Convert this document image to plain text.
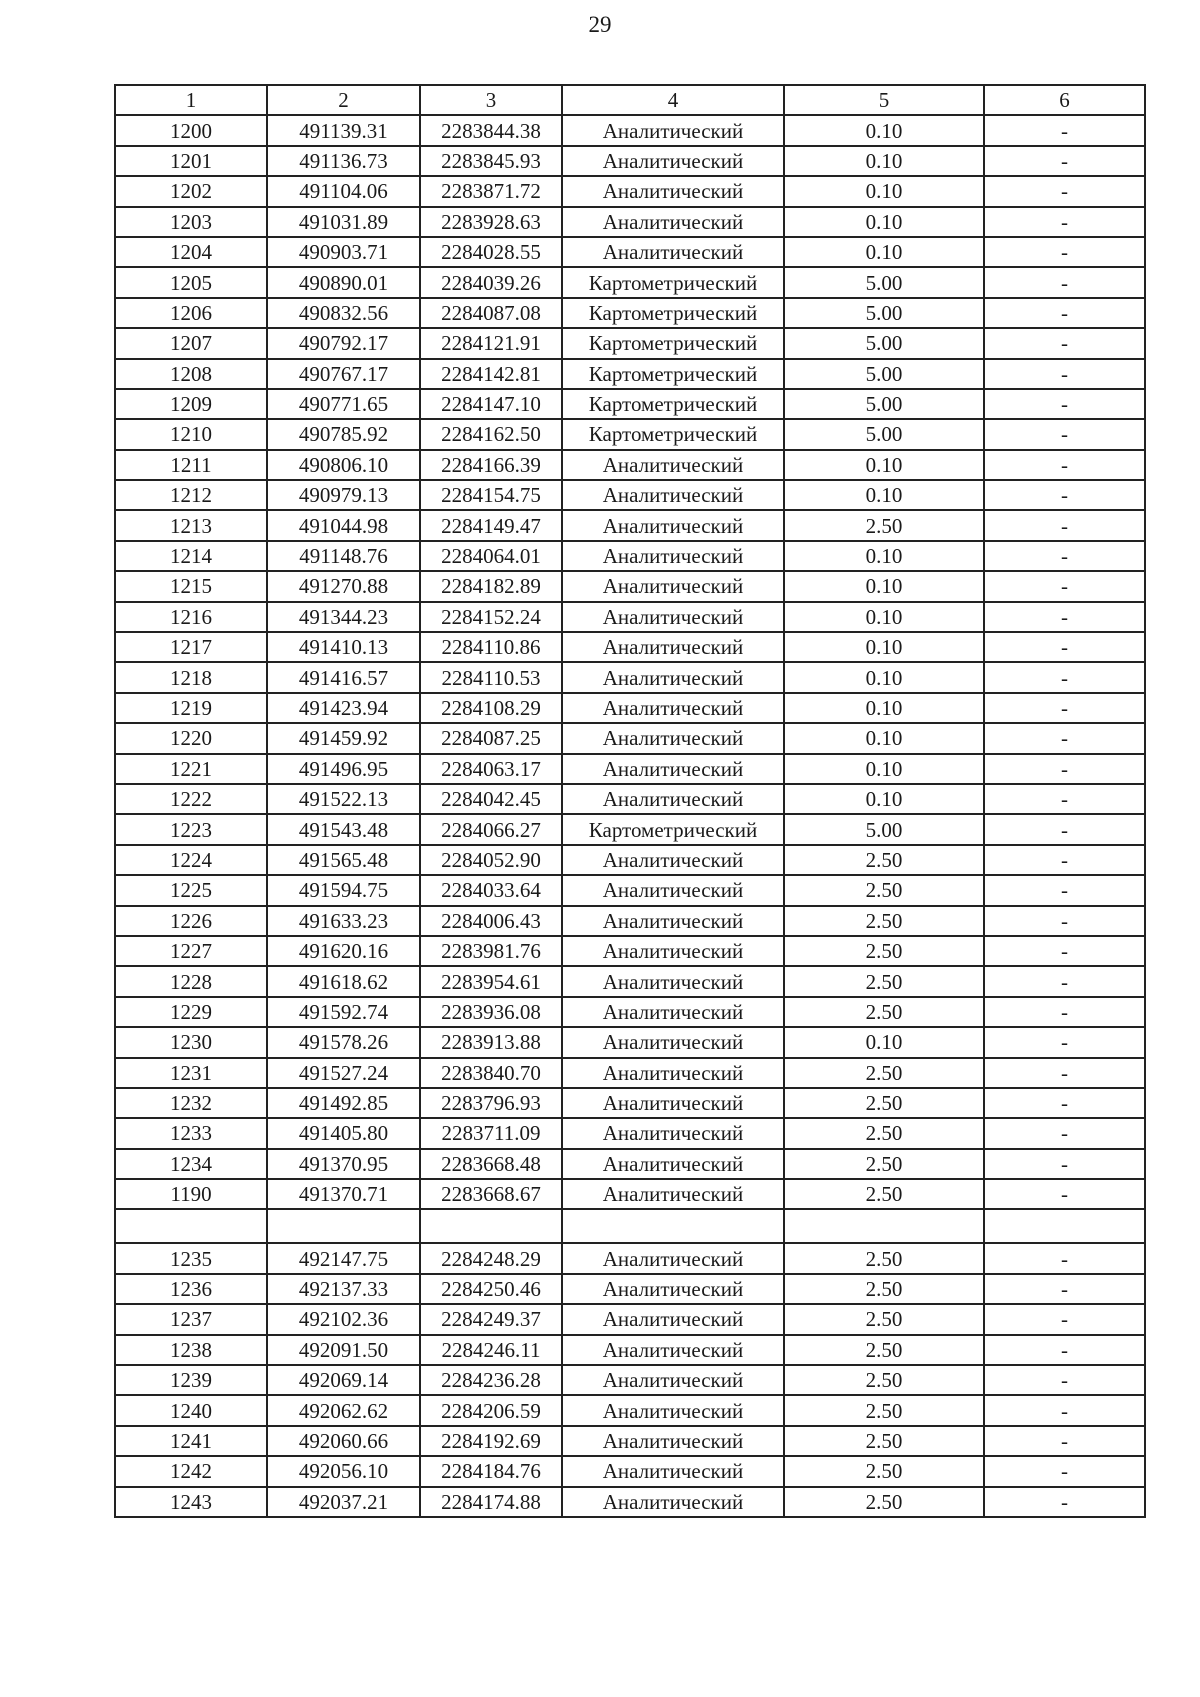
29
1	2	3	4	5	6
1200	491139.31	2283844.38	Аналитический	0.10	-
1201	491136.73	2283845.93	Аналитический	0.10	-
1202	491104.06	2283871.72	Аналитический	0.10	-
1203	491031.89	2283928.63	Аналитический	0.10	-
1204	490903.71	2284028.55	Аналитический	0.10	-
1205	490890.01	2284039.26	Картометрический	5.00	-
1206	490832.56	2284087.08	Картометрический	5.00	-
1207	490792.17	2284121.91	Картометрический	5.00	-
1208	490767.17	2284142.81	Картометрический	5.00	-
1209	490771.65	2284147.10	Картометрический	5.00	-
1210	490785.92	2284162.50	Картометрический	5.00	-
1211	490806.10	2284166.39	Аналитический	0.10	-
1212	490979.13	2284154.75	Аналитический	0.10	-
1213	491044.98	2284149.47	Аналитический	2.50	-
1214	491148.76	2284064.01	Аналитический	0.10	-
1215	491270.88	2284182.89	Аналитический	0.10	-
1216	491344.23	2284152.24	Аналитический	0.10	-
1217	491410.13	2284110.86	Аналитический	0.10	-
1218	491416.57	2284110.53	Аналитический	0.10	-
1219	491423.94	2284108.29	Аналитический	0.10	-
1220	491459.92	2284087.25	Аналитический	0.10	-
1221	491496.95	2284063.17	Аналитический	0.10	-
1222	491522.13	2284042.45	Аналитический	0.10	-
1223	491543.48	2284066.27	Картометрический	5.00	-
1224	491565.48	2284052.90	Аналитический	2.50	-
1225	491594.75	2284033.64	Аналитический	2.50	-
1226	491633.23	2284006.43	Аналитический	2.50	-
1227	491620.16	2283981.76	Аналитический	2.50	-
1228	491618.62	2283954.61	Аналитический	2.50	-
1229	491592.74	2283936.08	Аналитический	2.50	-
1230	491578.26	2283913.88	Аналитический	0.10	-
1231	491527.24	2283840.70	Аналитический	2.50	-
1232	491492.85	2283796.93	Аналитический	2.50	-
1233	491405.80	2283711.09	Аналитический	2.50	-
1234	491370.95	2283668.48	Аналитический	2.50	-
1190	491370.71	2283668.67	Аналитический	2.50	-

1235	492147.75	2284248.29	Аналитический	2.50	-
1236	492137.33	2284250.46	Аналитический	2.50	-
1237	492102.36	2284249.37	Аналитический	2.50	-
1238	492091.50	2284246.11	Аналитический	2.50	-
1239	492069.14	2284236.28	Аналитический	2.50	-
1240	492062.62	2284206.59	Аналитический	2.50	-
1241	492060.66	2284192.69	Аналитический	2.50	-
1242	492056.10	2284184.76	Аналитический	2.50	-
1243	492037.21	2284174.88	Аналитический	2.50	-
